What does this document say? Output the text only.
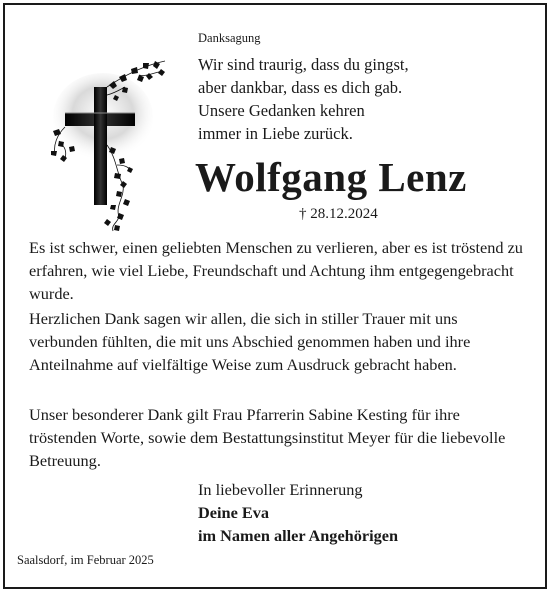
Danksagung
Wir sind traurig, dass du gingst,
aber dankbar, dass es dich gab.
Unsere Gedanken kehren
immer in Liebe zurück.
Wolfgang Lenz
† 28.12.2024
Es ist schwer, einen geliebten Menschen zu verlieren, aber es ist tröstend zu erfahren, wie viel Liebe, Freundschaft und Achtung ihm entgegengebracht wurde.
Herzlichen Dank sagen wir allen, die sich in stiller Trauer mit uns verbunden fühlten, die mit uns Abschied genommen haben und ihre Anteilnahme auf vielfältige Weise zum Ausdruck gebracht haben.
Unser besonderer Dank gilt Frau Pfarrerin Sabine Kesting für ihre tröstenden Worte, sowie dem Bestattungsinstitut Meyer für die liebevolle Betreuung.
In liebevoller Erinnerung
Deine Eva
im Namen aller Angehörigen
Saalsdorf, im Februar 2025
